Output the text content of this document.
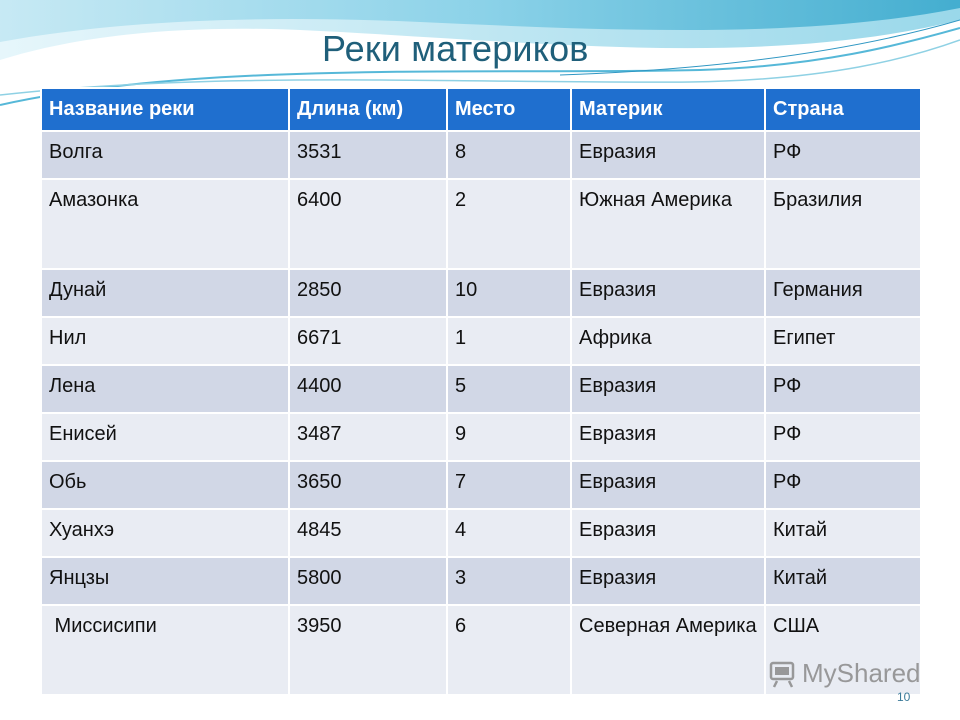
Реки материков
Название реки	Длина (км)	Место	Материк	Страна
Волга	3531	8	Евразия	РФ
Амазонка	6400	2	Южная Америка	Бразилия
Дунай	2850	10	Евразия	Германия
Нил	6671	1	Африка	Египет
Лена	4400	5	Евразия	РФ
Енисей	3487	9	Евразия	РФ
Обь	3650	7	Евразия	РФ
Хуанхэ	4845	4	Евразия	Китай
Янцзы	5800	3	Евразия	Китай
Миссисипи	3950	6	Северная Америка	США
MyShared
10
